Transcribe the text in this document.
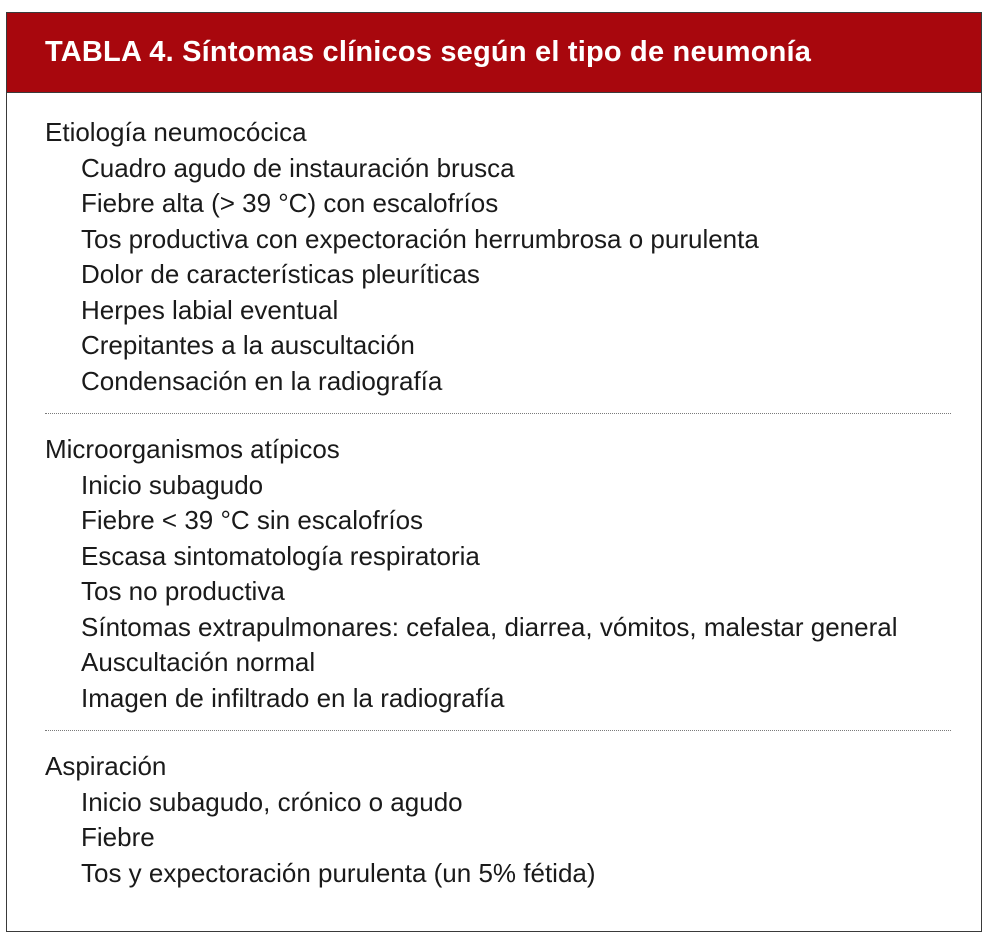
TABLA 4. Síntomas clínicos según el tipo de neumonía
Etiología neumocócica
Cuadro agudo de instauración brusca
Fiebre alta (> 39 °C) con escalofríos
Tos productiva con expectoración herrumbrosa o purulenta
Dolor de características pleuríticas
Herpes labial eventual
Crepitantes a la auscultación
Condensación en la radiografía
Microorganismos atípicos
Inicio subagudo
Fiebre < 39 °C sin escalofríos
Escasa sintomatología respiratoria
Tos no productiva
Síntomas extrapulmonares: cefalea, diarrea, vómitos, malestar general
Auscultación normal
Imagen de infiltrado en la radiografía
Aspiración
Inicio subagudo, crónico o agudo
Fiebre
Tos y expectoración purulenta (un 5% fétida)
